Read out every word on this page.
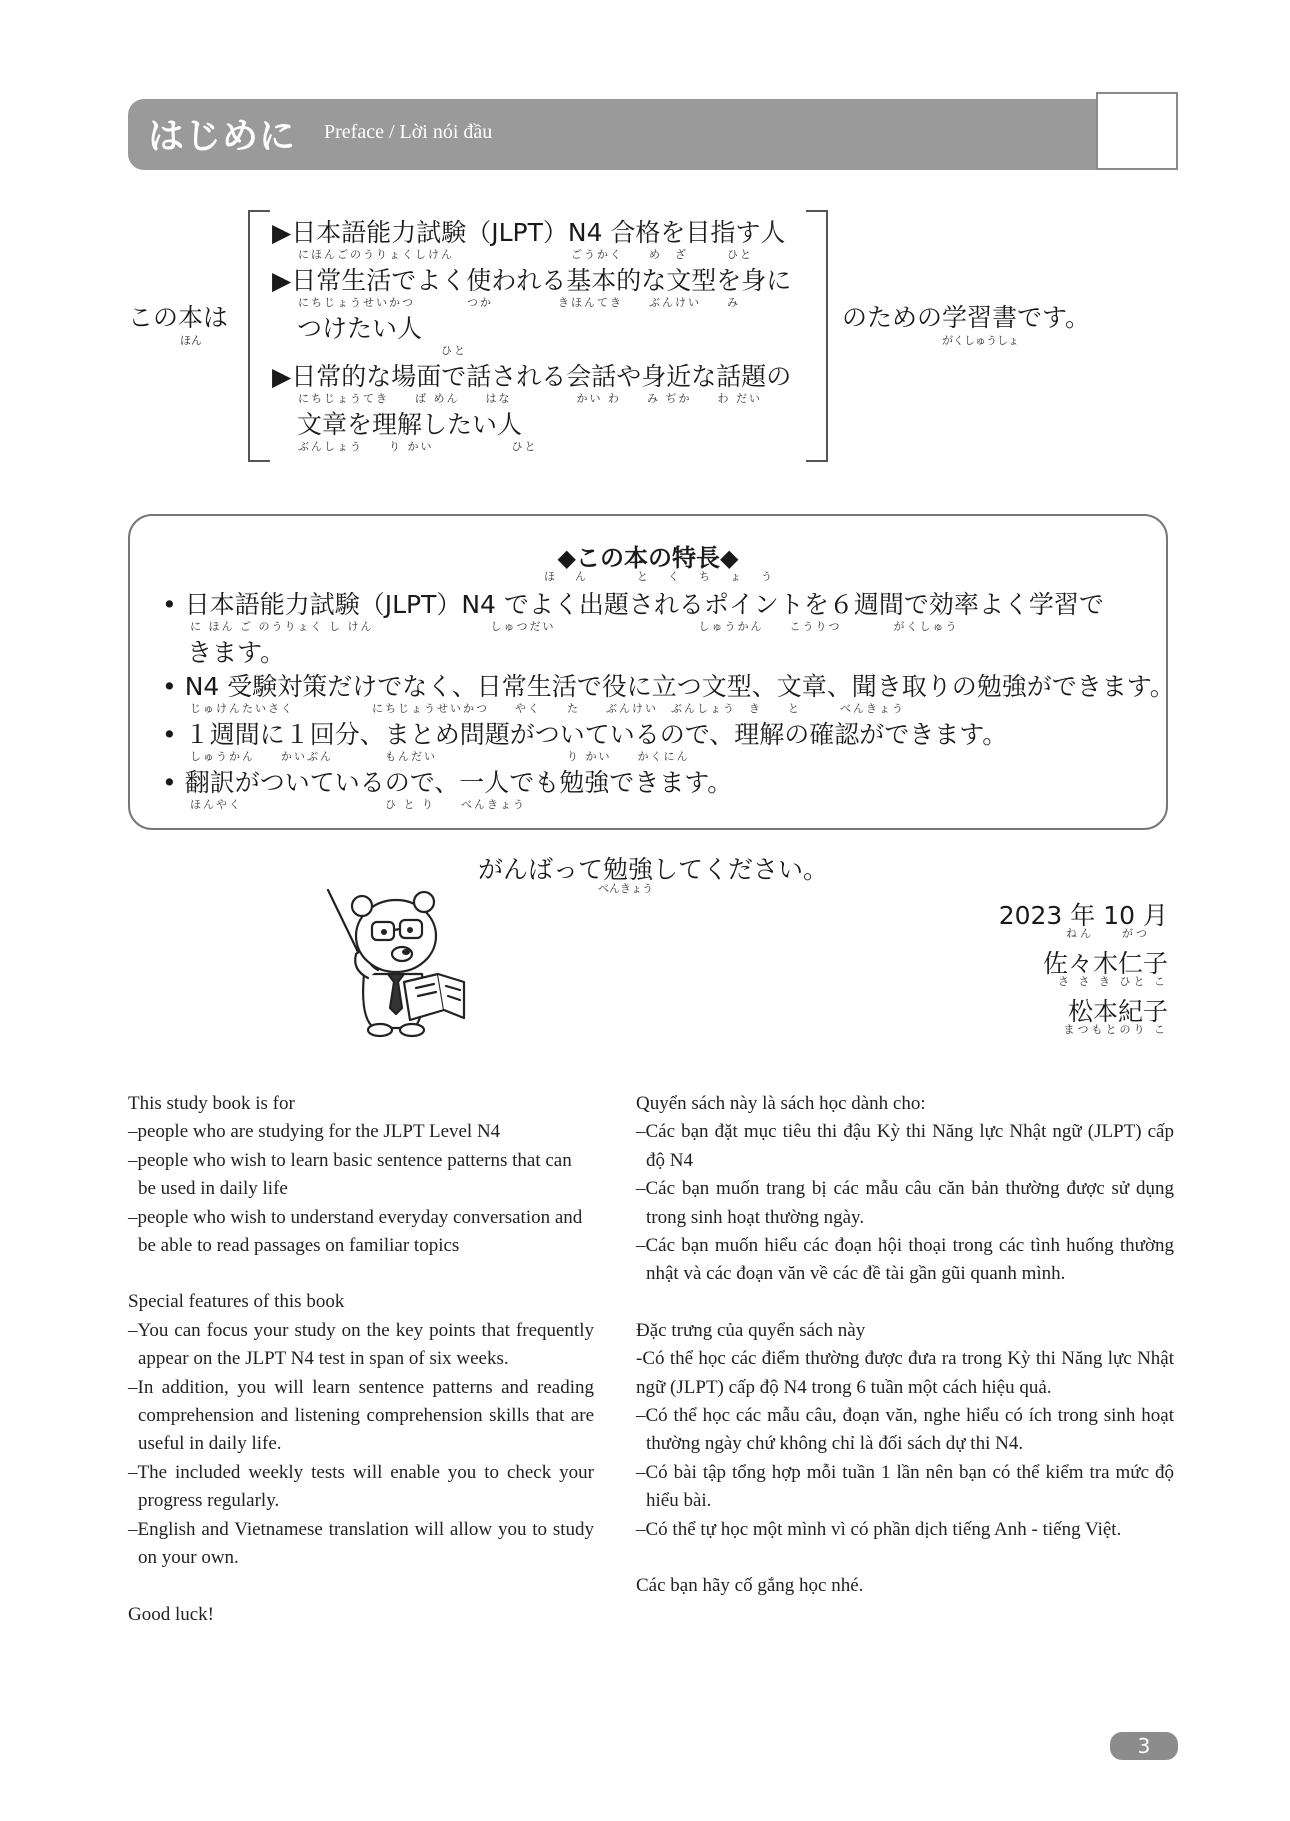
はじめに Preface / Lời nói đầu
この本は
ほん
▶日本語能力試験（JLPT）N4 合格を目指す人
にほんごのうりょくしけん　　　　　　　　　ごうかく　　め　ざ　　　ひと
▶日常生活でよく使われる基本的な文型を身に
にちじょうせいかつ　　　　つか　　　　　きほんてき　　ぶんけい　　み
　つけたい人
　　　　　　　　　　　ひと
▶日常的な場面で話される会話や身近な話題の
にちじょうてき　　ば めん　　はな　　　　　かい わ　　み ぢか　　わ だい
　文章を理解したい人
ぶんしょう　　り かい　　　　　　ひと
のための学習書です。
がくしゅうしょ
◆この本の特長◆
ほん　とくちょう
• 日本語能力試験（JLPT）N4 でよく出題されるポイントを６週間で効率よく学習で
に ほん ご のうりょく し けん　　　　　　　　　しゅつだい　　　　　　　　　　　しゅうかん　　こうりつ　　　　がくしゅう
　きます。
• N4 受験対策だけでなく、日常生活で役に立つ文型、文章、聞き取りの勉強ができます。
じゅけんたいさく　　　　　　にちじょうせいかつ　　やく　　た　　ぶんけい　ぶんしょう　き　　と　　　べんきょう
• １週間に１回分、まとめ問題がついているので、理解の確認ができます。
しゅうかん　　かいぶん　　　　もんだい　　　　　　　　　　り かい　　かくにん
• 翻訳がついているので、一人でも勉強できます。
ほんやく　　　　　　　　　　　ひ と り　　べんきょう
がんばって勉強してください。
べんきょう
2023 年 10 月
ねん　　がつ
佐々木仁子
さ さ き ひと こ
松本紀子
まつもとのり こ

This study book is for

–people who are studying for the JLPT Level N4

–people who wish to learn basic sentence patterns that can be used in daily life

–people who wish to understand everyday conversation and be able to read passages on familiar topics

Special features of this book

–You can focus your study on the key points that frequently appear on the JLPT N4 test in span of six weeks.

–In addition, you will learn sentence patterns and reading comprehension and listening comprehension skills that are useful in daily life.

–The included weekly tests will enable you to check your progress regularly.

–English and Vietnamese translation will allow you to study on your own.

Good luck!

Quyển sách này là sách học dành cho:

–Các bạn đặt mục tiêu thi đậu Kỳ thi Năng lực Nhật ngữ (JLPT) cấp độ N4

–Các bạn muốn trang bị các mẫu câu căn bản thường được sử dụng trong sinh hoạt thường ngày.

–Các bạn muốn hiểu các đoạn hội thoại trong các tình huống thường nhật và các đoạn văn về các đề tài gần gũi quanh mình.

Đặc trưng của quyển sách này

-Có thể học các điểm thường được đưa ra trong Kỳ thi Năng lực Nhật ngữ (JLPT) cấp độ N4 trong 6 tuần một cách hiệu quả.

–Có thể học các mẫu câu, đoạn văn, nghe hiểu có ích trong sinh hoạt thường ngày chứ không chỉ là đối sách dự thi N4.

–Có bài tập tổng hợp mỗi tuần 1 lần nên bạn có thể kiểm tra mức độ hiểu bài.

–Có thể tự học một mình vì có phần dịch tiếng Anh - tiếng Việt.

Các bạn hãy cố gắng học nhé.

3
